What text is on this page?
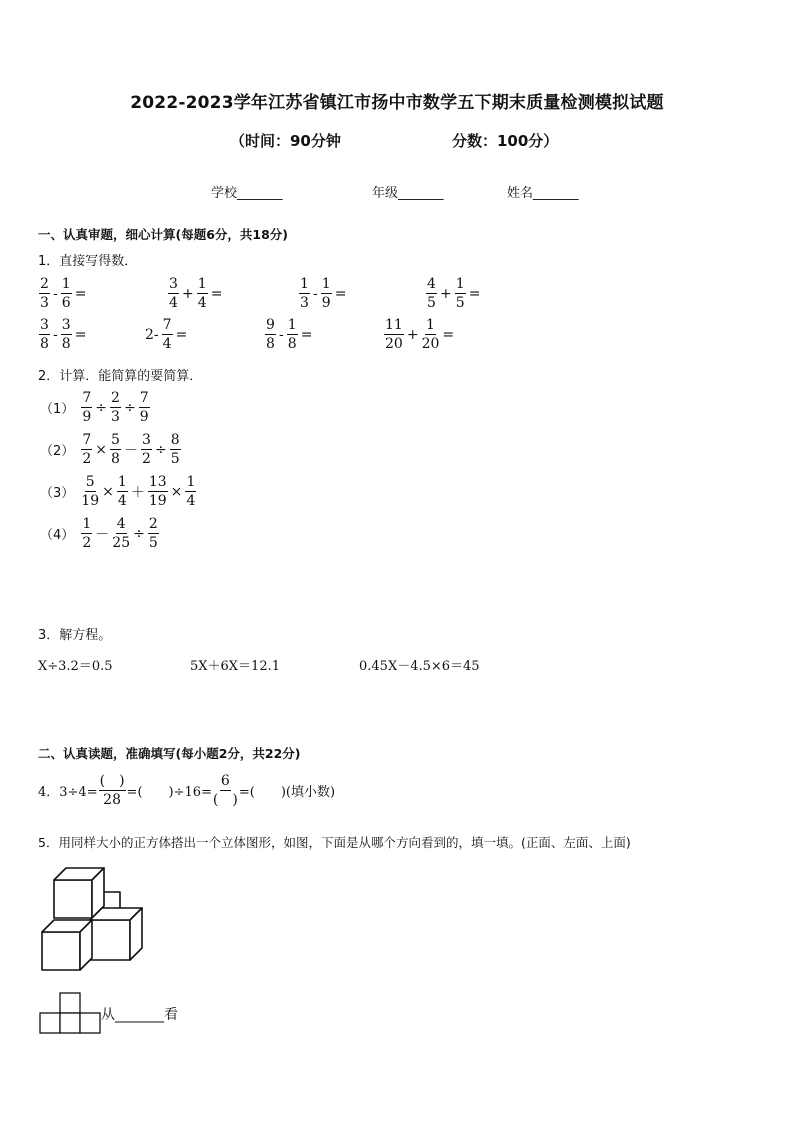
2022-2023学年江苏省镇江市扬中市数学五下期末质量检测模拟试题
（时间：90分钟	分数：100分）
学校_______	年级_______	姓名_______
一、认真审题，细心计算(每题6分，共18分)
1．直接写得数．
$\frac{2}{3} - \frac{1}{6}$ =	$\frac{3}{4} + \frac{1}{4}$ =	$\frac{1}{3} - \frac{1}{9}$ =	$\frac{4}{5} + \frac{1}{5}$ =
$\frac{3}{8} - \frac{3}{8}$ =	$2- \frac{7}{4}$ =	$\frac{9}{8} - \frac{1}{8}$ =	$\frac{11}{20} + \frac{1}{20}$ =
2．计算．能简算的要简算．
$(1) \frac{7}{9} \div \frac{2}{3} \div \frac{7}{9}$
$(2) \frac{7}{2} \times \frac{5}{8} - \frac{3}{2} \div \frac{8}{5}$
$(3) \frac{5}{19} \times \frac{1}{4} + \frac{13}{19} \times \frac{1}{4}$
$(4) \frac{1}{2} - \frac{4}{25} \div \frac{2}{5}$
3．解方程。
X÷3.2＝0.5	5X＋6X＝12.1	0.45X－4.5×6＝45
二、认真读题，准确填写(每小题2分，共22分)
4．$3\div 4= \frac{( )}{28}$ =(　　)$\div 16= \frac{6}{( )}$ =(　　)(填小数)
5．用同样大小的正方体搭出一个立体图形，如图，下面是从哪个方向看到的，填一填。(正面、左面、上面)
从_______看
